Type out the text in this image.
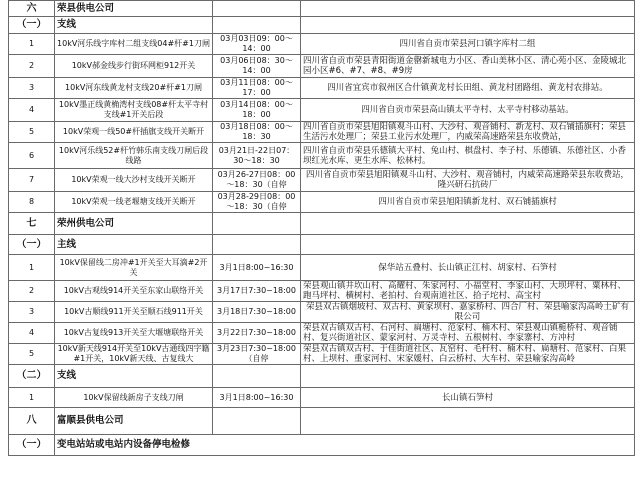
六	荣县供电公司		
（一）	支线		
1	10kV河乐线字库村二组支线04#杆#1刀闸	03月03日09：00～14：00	四川省自贡市荣县河口镇字库村二组
2	10kV郝金线步行街环网柜912开关	03月06日08：30～14：00	四川省自贡市荣县青阳街道金罄新城电力小区、香山美林小区、清心苑小区、金陵城北园小区#6、#7、#8、#9房
3	10kV河东线黄龙村支线20#杆#1刀闸	03月11日08：00～17：00	四川省宜宾市叙州区合什镇黄龙村长田组、黄龙村团路组、黄龙村农排站。
4	10kV墨正线黄桷湾村支线08#杆太平寺村支线#1开关后段	03月14日08：00～18：00	四川省自贡市荣县高山镇太平寺村、太平寺村移动基站。
5	10kV荣观一线50#杆插旗支线开关断开	03月18日08：00～18：30	四川省自贡市荣县旭阳镇观斗山村、大沙村、观音铺村、新龙村、双石铺插旗村；荣县生活污水处理厂；荣县工业污水处理厂，内威荣高速路荣县东收费站，
6	10kV河乐线52#杆竹韩乐南支线刀闸后段线路	03月21日-22日07：30～18：30	四川省自贡市荣县乐德镇大平村、兔山村、棋盘村、李子村、乐德镇、乐德社区、小香坝红光水库、更生水库、松林村。
7	10kV荣观一线大沙村支线开关断开	03月26-27日08：00～18：30（自停	四川省自贡市荣县旭阳镇观斗山村、大沙村、观音铺村，内威荣高速路荣县东收费站，隆兴研石抗砖厂
8	10kV荣观一线老堰塘支线开关断开	03月28-29日08：00～18：30（自停	四川省自贡市荣县旭阳镇新龙村、双石铺插旗村
七	荣州供电公司		
（一）	主线		
1	10kV保留线二房冲#1开关至大耳滴#2开关	3月1日8:00~16:30	保华站五叠村、长山镇正江村、胡家村、石笋村
2	10kV古观线914开关至东家山联络开关	3月17日7:30~18:00	荣县观山镇井坎山村、高耀村、朱家河村、小福堂村、李家山村、大坝坪村、粟林村、跑马坪村、横树村、老拍村、台观南道社区、拾子坨村、高宝村
3	10kV古顺线911开关至顺石线911开关	3月18日7:30~18:00	荣县双古镇烟坡村、双古村、黄家坝村、嘉家桥村、四合厂村、荣县喻家沟高岭土矿有限公司
4	10kV古复线913开关至大堰塘联络开关	3月22日7:30~18:00	荣县双古镇双古村、石河村、扁塘村、范家村、楠木村、荣县观山镇栀桥村、观音铺村、复兴街道社区、蒙家河村、万灵寺村、五根树村、李家寨村、方冲村
5	10kV新天线914开关至10kV古通线四字籍#1开关，10kV新天线、古复线大	3月23日7:30~18:00（自停	荣县双古镇双古村、于佳街道社区、瓦窑村、毛杆村、楠木村、扁塘村、范家村、白果村、上坝村、重家河村、宋家媛村、白云桥村、大车村、荣县喻家沟高岭
（二）	支线		
1	10kV保留线新房子支线刀闸	3月1日8:00~16:30	长山镇石笋村
八	富顺县供电公司		
（一）	变电站站或电站内设备停电检修		
